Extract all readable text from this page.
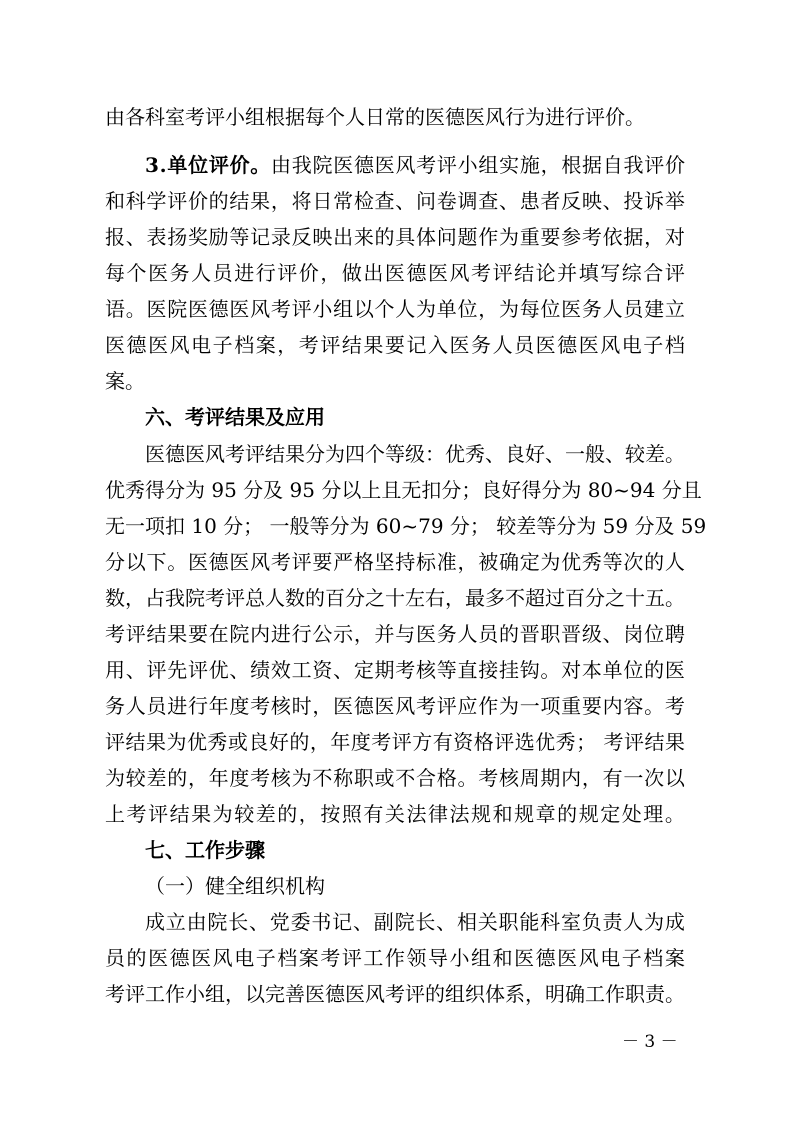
由各科室考评小组根据每个人日常的医德医风行为进行评价。
3 . 单 位 评 价 。 由 我 院 医 德 医 风 考 评 小 组 实 施 ， 根 据 自 我 评 价
和 科 学 评 价 的 结 果 ， 将 日 常 检 查 、 问 卷 调 查 、 患 者 反 映 、 投 诉 举
报 、 表 扬 奖 励 等 记 录 反 映 出 来 的 具 体 问 题 作 为 重 要 参 考 依 据 ， 对
每 个 医 务 人 员 进 行 评 价 ， 做 出 医 德 医 风 考 评 结 论 并 填 写 综 合 评
语 。 医 院 医 德 医 风 考 评 小 组 以 个 人 为 单 位 ， 为 每 位 医 务 人 员 建 立
医 德 医 风 电 子 档 案 ， 考 评 结 果 要 记 入 医 务 人 员 医 德 医 风 电 子 档
案。
六、考评结果及应用
医 德 医 风 考 评 结 果 分 为 四 个 等 级 ： 优 秀 、 良 好 、 一 般 、 较 差 。
优 秀 得 分 为
95
分 及
95
分 以 上 且 无 扣 分 ； 良 好 得 分 为
80~94
分 且
无 一 项 扣
10
分 ；
一 般 等 分 为
60~79
分 ；
较 差 等 分 为
59
分 及
59
分 以 下 。 医 德 医 风 考 评 要 严 格 坚 持 标 准 ， 被 确 定 为 优 秀 等 次 的 人
数 ， 占 我 院 考 评 总 人 数 的 百 分 之 十 左 右 ， 最 多 不 超 过 百 分 之 十 五 。
考 评 结 果 要 在 院 内 进 行 公 示 ， 并 与 医 务 人 员 的 晋 职 晋 级 、 岗 位 聘
用 、 评 先 评 优 、 绩 效 工 资 、 定 期 考 核 等 直 接 挂 钩 。 对 本 单 位 的 医
务 人 员 进 行 年 度 考 核 时 ， 医 德 医 风 考 评 应 作 为 一 项 重 要 内 容 。 考
评 结 果 为 优 秀 或 良 好 的 ， 年 度 考 评 方 有 资 格 评 选 优 秀 ；
考 评 结 果
为 较 差 的 ， 年 度 考 核 为 不 称 职 或 不 合 格 。 考 核 周 期 内 ， 有 一 次 以
上 考 评 结 果 为 较 差 的 ， 按 照 有 关 法 律 法 规 和 规 章 的 规 定 处 理 。
七、工作步骤
（一）健全组织机构
成 立 由 院 长 、 党 委 书 记 、 副 院 长 、 相 关 职 能 科 室 负 责 人 为 成
员 的 医 德 医 风 电 子 档 案 考 评 工 作 领 导 小 组 和 医 德 医 风 电 子 档 案
考 评 工 作 小 组 ， 以 完 善 医 德 医 风 考 评 的 组 织 体 系 ， 明 确 工 作 职 责 。
－ 3 －
